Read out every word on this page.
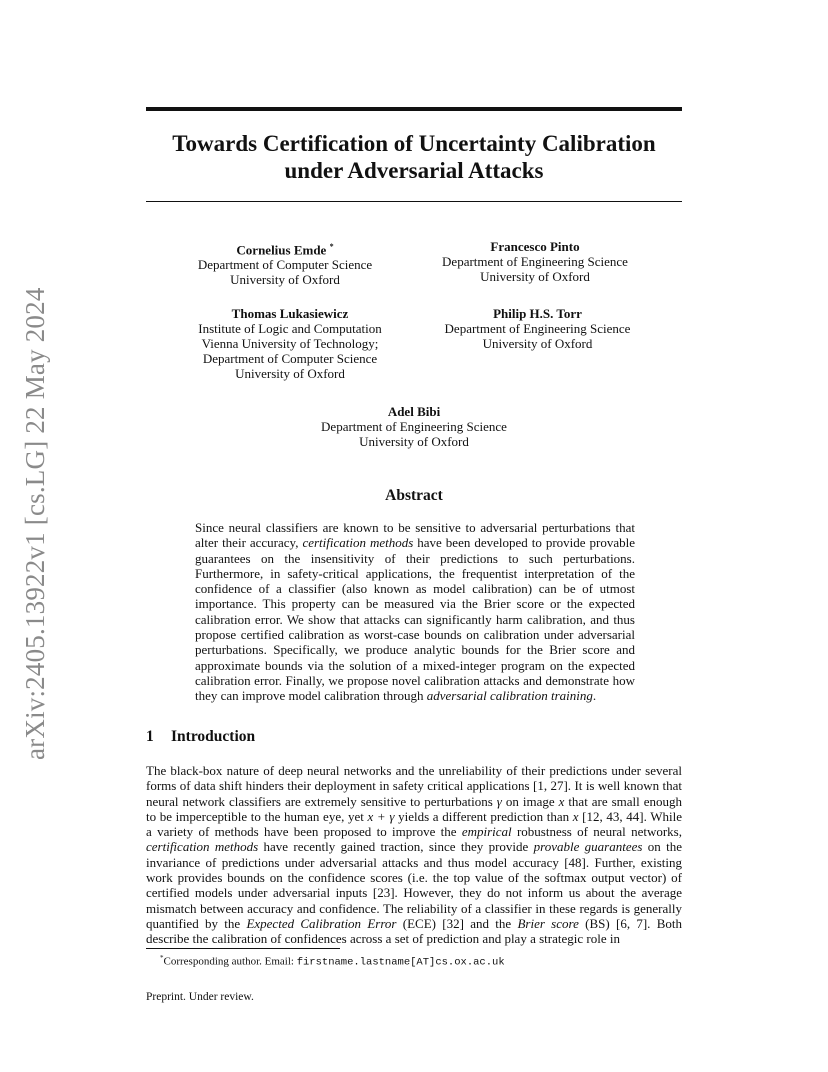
arXiv:2405.13922v1 [cs.LG] 22 May 2024
Towards Certification of Uncertainty Calibration
under Adversarial Attacks
Cornelius Emde *
Department of Computer Science
University of Oxford
Francesco Pinto
Department of Engineering Science
University of Oxford
Thomas Lukasiewicz
Institute of Logic and Computation
Vienna University of Technology;
Department of Computer Science
University of Oxford
Philip H.S. Torr
Department of Engineering Science
University of Oxford
Adel Bibi
Department of Engineering Science
University of Oxford
Abstract
Since neural classifiers are known to be sensitive to adversarial perturbations that alter their accuracy, certification methods have been developed to provide provable guarantees on the insensitivity of their predictions to such perturbations. Furthermore, in safety-critical applications, the frequentist interpretation of the confidence of a classifier (also known as model calibration) can be of utmost importance. This property can be measured via the Brier score or the expected calibration error. We show that attacks can significantly harm calibration, and thus propose certified calibration as worst-case bounds on calibration under adversarial perturbations. Specifically, we produce analytic bounds for the Brier score and approximate bounds via the solution of a mixed-integer program on the expected calibration error. Finally, we propose novel calibration attacks and demonstrate how they can improve model calibration through adversarial calibration training.
1 Introduction
The black-box nature of deep neural networks and the unreliability of their predictions under several forms of data shift hinders their deployment in safety critical applications [1, 27]. It is well known that neural network classifiers are extremely sensitive to perturbations γ on image x that are small enough to be imperceptible to the human eye, yet x + γ yields a different prediction than x [12, 43, 44]. While a variety of methods have been proposed to improve the empirical robustness of neural networks, certification methods have recently gained traction, since they provide provable guarantees on the invariance of predictions under adversarial attacks and thus model accuracy [48]. Further, existing work provides bounds on the confidence scores (i.e. the top value of the softmax output vector) of certified models under adversarial inputs [23]. However, they do not inform us about the average mismatch between accuracy and confidence. The reliability of a classifier in these regards is generally quantified by the Expected Calibration Error (ECE) [32] and the Brier score (BS) [6, 7]. Both describe the calibration of confidences across a set of prediction and play a strategic role in
*Corresponding author. Email: firstname.lastname[AT]cs.ox.ac.uk
Preprint. Under review.
